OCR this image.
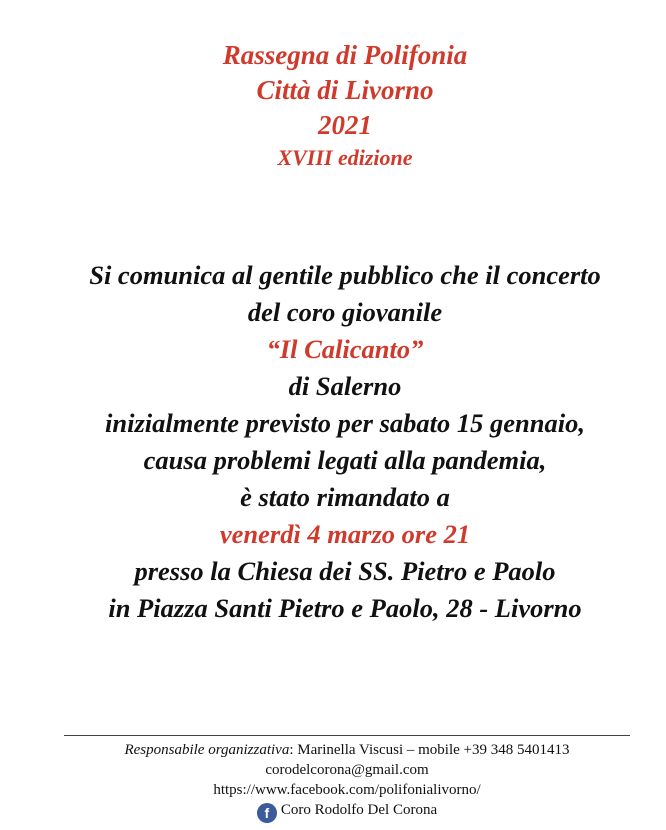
Rassegna di Polifonia
Città di Livorno
2021
XVIII edizione
Si comunica al gentile pubblico che il concerto
del coro giovanile
“Il Calicanto”
di Salerno
inizialmente previsto per sabato 15 gennaio,
causa problemi legati alla pandemia,
è stato rimandato a
venerdì 4 marzo ore 21
presso la Chiesa dei SS. Pietro e Paolo
in Piazza Santi Pietro e Paolo, 28 - Livorno
Responsabile organizzativa: Marinella Viscusi – mobile +39 348 5401413
corodelcorona@gmail.com
https://www.facebook.com/polifonialivorno/
f Coro Rodolfo Del Corona
